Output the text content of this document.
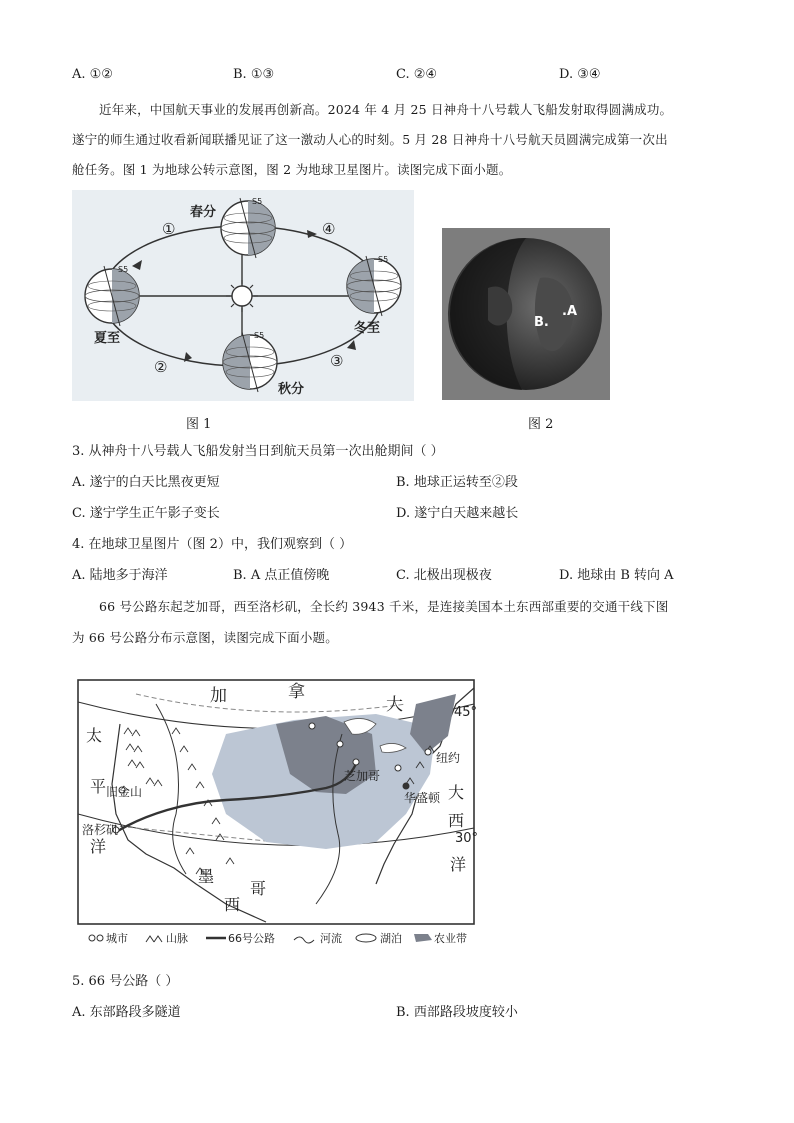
A. ①②	B. ①③	C. ②④	D. ③④
近年来，中国航天事业的发展再创新高。2024 年 4 月 25 日神舟十八号载人飞船发射取得圆满成功。
遂宁的师生通过收看新闻联播见证了这一激动人心的时刻。5 月 28 日神舟十八号航天员圆满完成第一次出
舱任务。图 1 为地球公转示意图，图 2 为地球卫星图片。读图完成下面小题。
春分
夏至
秋分
冬至
①
②	③
④
S5
S5
S5
S5
图 1
B.
.A
图 2
3. 从神舟十八号载人飞船发射当日到航天员第一次出舱期间（ ）
A. 遂宁的白天比黑夜更短	B. 地球正运转至②段
C. 遂宁学生正午影子变长	D. 遂宁白天越来越长
4. 在地球卫星图片（图 2）中，我们观察到（ ）
A. 陆地多于海洋	B. A 点正值傍晚	C. 北极出现极夜	D. 地球由 B 转向 A
66 号公路东起芝加哥，西至洛杉矶，全长约 3943 千米，是连接美国本土东西部重要的交通干线下图
为 66 号公路分布示意图，读图完成下面小题。
加	拿
大
太
平
洋
大
西
洋
墨
西
哥
旧金山
洛杉矶
芝加哥
纽约
华盛顿
45°
30°
城市	山脉	66号公路	河流	湖泊	农业带
5. 66 号公路（ ）
A. 东部路段多隧道	B. 西部路段坡度较小
